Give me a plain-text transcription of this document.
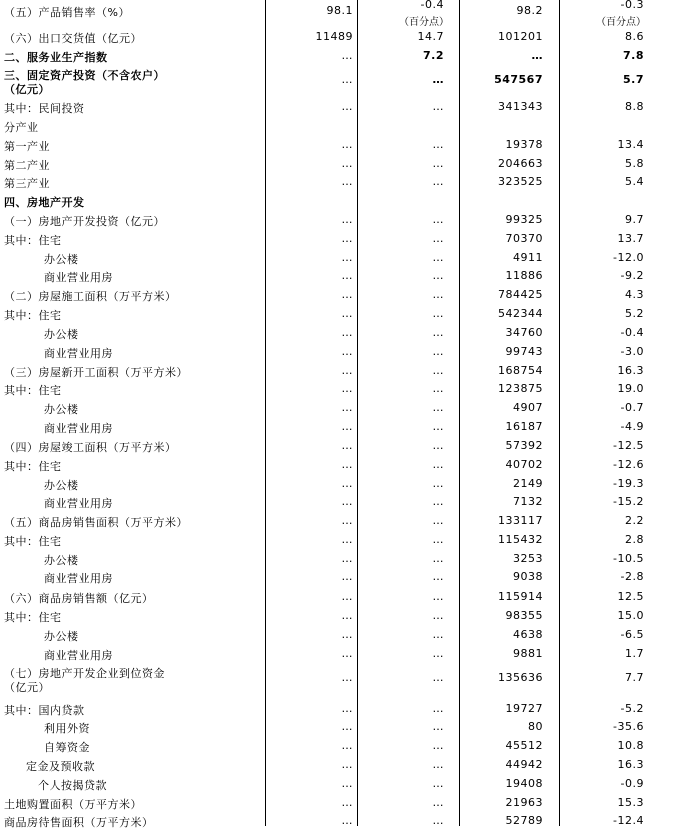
（五）产品销售率（%）	98.1	-0.4	98.2	-0.3
（百分点）	（百分点）
（六）出口交货值（亿元）	11489	14.7	101201	8.6
二、服务业生产指数	…	7.2	…	7.8
三、固定资产投资（不含农户）
（亿元）
…	…	547567	5.7
其中：民间投资	…	…	341343	8.8
分产业
第一产业	…	…	19378	13.4
第二产业	…	…	204663	5.8
第三产业	…	…	323525	5.4
四、房地产开发
（一）房地产开发投资（亿元）	…	…	99325	9.7
其中：住宅	…	…	70370	13.7
办公楼	…	…	4911	-12.0
商业营业用房	…	…	11886	-9.2
（二）房屋施工面积（万平方米）	…	…	784425	4.3
其中：住宅	…	…	542344	5.2
办公楼	…	…	34760	-0.4
商业营业用房	…	…	99743	-3.0
（三）房屋新开工面积（万平方米）	…	…	168754	16.3
其中：住宅	…	…	123875	19.0
办公楼	…	…	4907	-0.7
商业营业用房	…	…	16187	-4.9
（四）房屋竣工面积（万平方米）	…	…	57392	-12.5
其中：住宅	…	…	40702	-12.6
办公楼	…	…	2149	-19.3
商业营业用房	…	…	7132	-15.2
（五）商品房销售面积（万平方米）	…	…	133117	2.2
其中：住宅	…	…	115432	2.8
办公楼	…	…	3253	-10.5
商业营业用房	…	…	9038	-2.8
（六）商品房销售额（亿元）	…	…	115914	12.5
其中：住宅	…	…	98355	15.0
办公楼	…	…	4638	-6.5
商业营业用房	…	…	9881	1.7
（七）房地产开发企业到位资金
（亿元）
…	…	135636	7.7
其中：国内贷款	…	…	19727	-5.2
利用外资	…	…	80	-35.6
自筹资金	…	…	45512	10.8
定金及预收款	…	…	44942	16.3
个人按揭贷款	…	…	19408	-0.9
土地购置面积（万平方米）	…	…	21963	15.3
商品房待售面积（万平方米）	…	…	52789	-12.4
